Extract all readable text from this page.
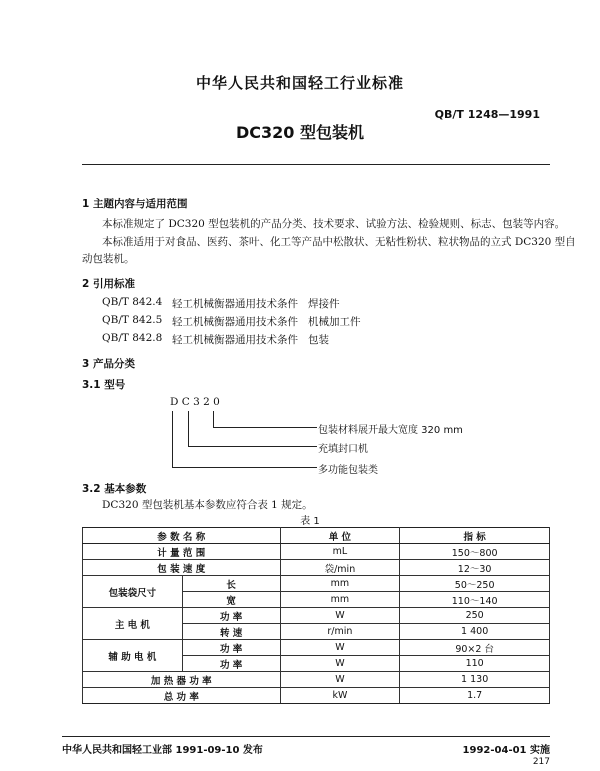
中华人民共和国轻工行业标准
QB/T 1248—1991
DC320 型包装机
1 主题内容与适用范围
本标准规定了 DC320 型包装机的产品分类、技术要求、试验方法、检验规则、标志、包装等内容。
本标准适用于对食品、医药、茶叶、化工等产品中松散状、无粘性粉状、粒状物品的立式 DC320 型自
动包装机。
2 引用标准
QB/T 842.4 轻工机械衡器通用技术条件 焊接件
QB/T 842.5 轻工机械衡器通用技术条件 机械加工件
QB/T 842.8 轻工机械衡器通用技术条件 包装
3 产品分类
3.1 型号
D C 3 2 0
包装材料展开最大宽度 320 mm
充填封口机
多功能包装类
3.2 基本参数
DC320 型包装机基本参数应符合表 1 规定。
表 1
参 数 名 称		单 位	指 标
计 量 范 围		mL	150～800
包 装 速 度		袋/min	12～30
包装袋尺寸	长	mm	50～250
	宽	mm	110～140
主 电 机	功 率	W	250
	转 速	r/min	1 400
辅 助 电 机	功 率	W	90×2 台
	功 率	W	110
加 热 器 功 率		W	1 130
总 功 率		kW	1.7
中华人民共和国轻工业部 1991-09-10 发布	1992-04-01 实施
217
